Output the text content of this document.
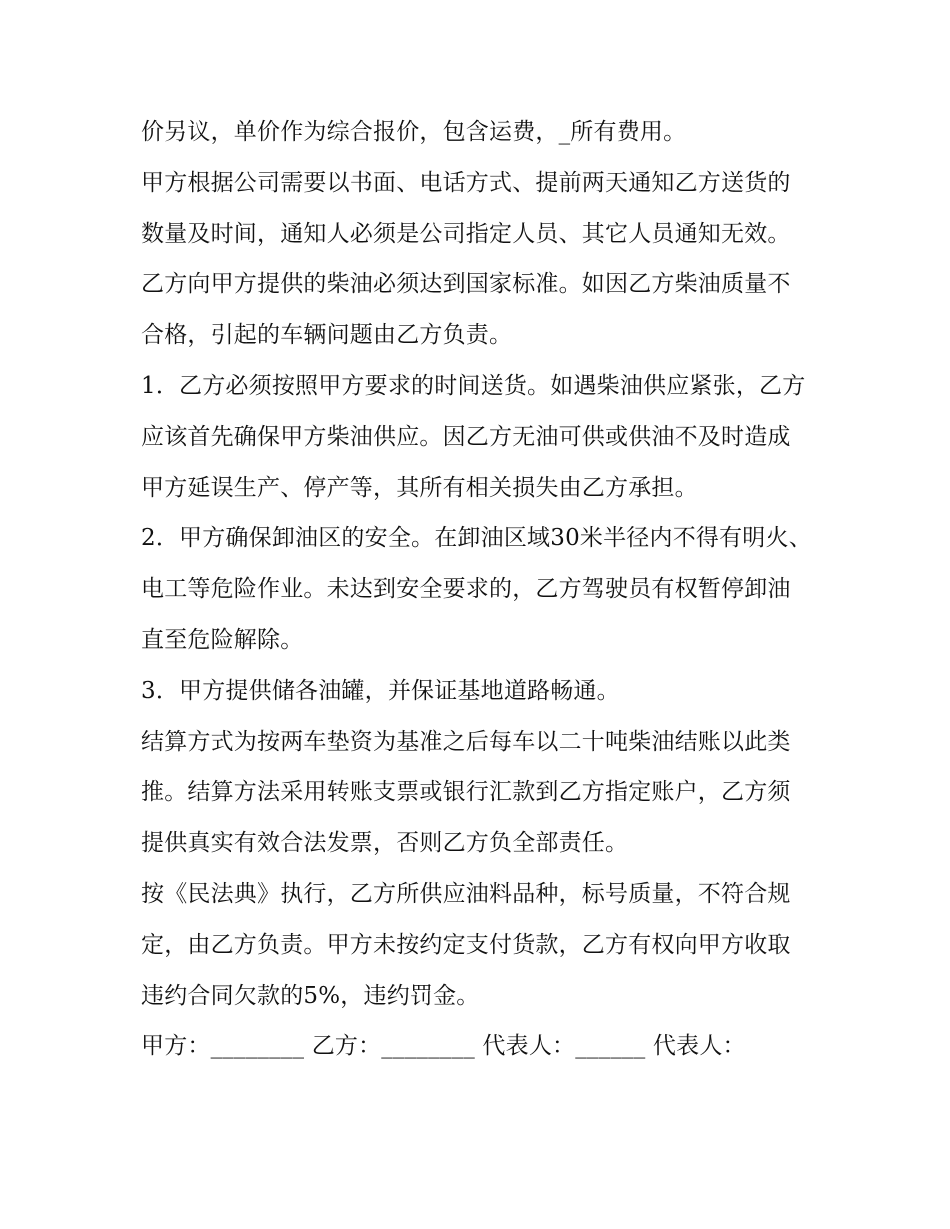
价另议，单价作为综合报价，包含运费，_所有费用。

甲方根据公司需要以书面、电话方式、提前两天通知乙方送货的数量及时间，通知人必须是公司指定人员、其它人员通知无效。

乙方向甲方提供的柴油必须达到国家标准。如因乙方柴油质量不合格，引起的车辆问题由乙方负责。

1．乙方必须按照甲方要求的时间送货。如遇柴油供应紧张，乙方应该首先确保甲方柴油供应。因乙方无油可供或供油不及时造成甲方延误生产、停产等，其所有相关损失由乙方承担。

2．甲方确保卸油区的安全。在卸油区域30米半径内不得有明火、电工等危险作业。未达到安全要求的，乙方驾驶员有权暂停卸油直至危险解除。

3．甲方提供储各油罐，并保证基地道路畅通。

结算方式为按两车垫资为基准之后每车以二十吨柴油结账以此类推。结算方法采用转账支票或银行汇款到乙方指定账户，乙方须提供真实有效合法发票，否则乙方负全部责任。

按《民法典》执行，乙方所供应油料品种，标号质量，不符合规定，由乙方负责。甲方未按约定支付货款，乙方有权向甲方收取违约合同欠款的5%，违约罚金。

甲方：________ 乙方：________ 代表人：______ 代表人：
